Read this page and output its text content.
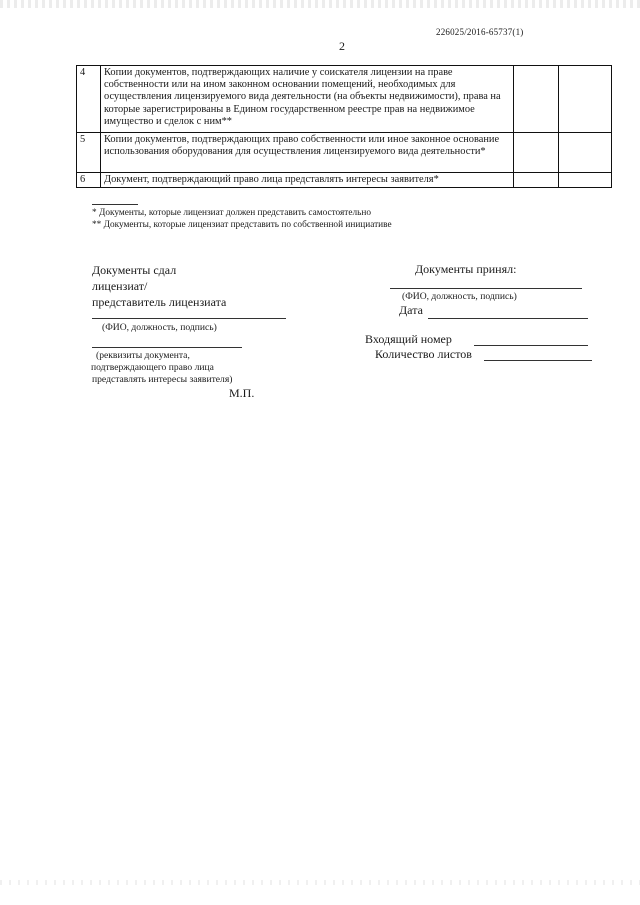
226025/2016-65737(1)
2
4	Копии документов, подтверждающих наличие у соискателя лицензии на праве собственности или на ином законном основании помещений, необходимых для осуществления лицензируемого вида деятельности (на объекты недвижимости), права на которые зарегистрированы в Едином государственном реестре прав на недвижимое имущество и сделок с ним**		
5	Копии документов, подтверждающих право собственности или иное законное основание использования оборудования для осуществления лицензируемого вида деятельности*		
6	Документ, подтверждающий право лица представлять интересы заявителя*		
* Документы, которые лицензиат должен представить самостоятельно
** Документы, которые лицензиат представить по собственной инициативе
Документы сдал
лицензиат/
представитель лицензиата
(ФИО, должность, подпись)
(реквизиты документа,
подтверждающего право лица
представлять интересы заявителя)
М.П.
Документы принял:
(ФИО, должность, подпись)
Дата
Входящий номер
Количество листов
